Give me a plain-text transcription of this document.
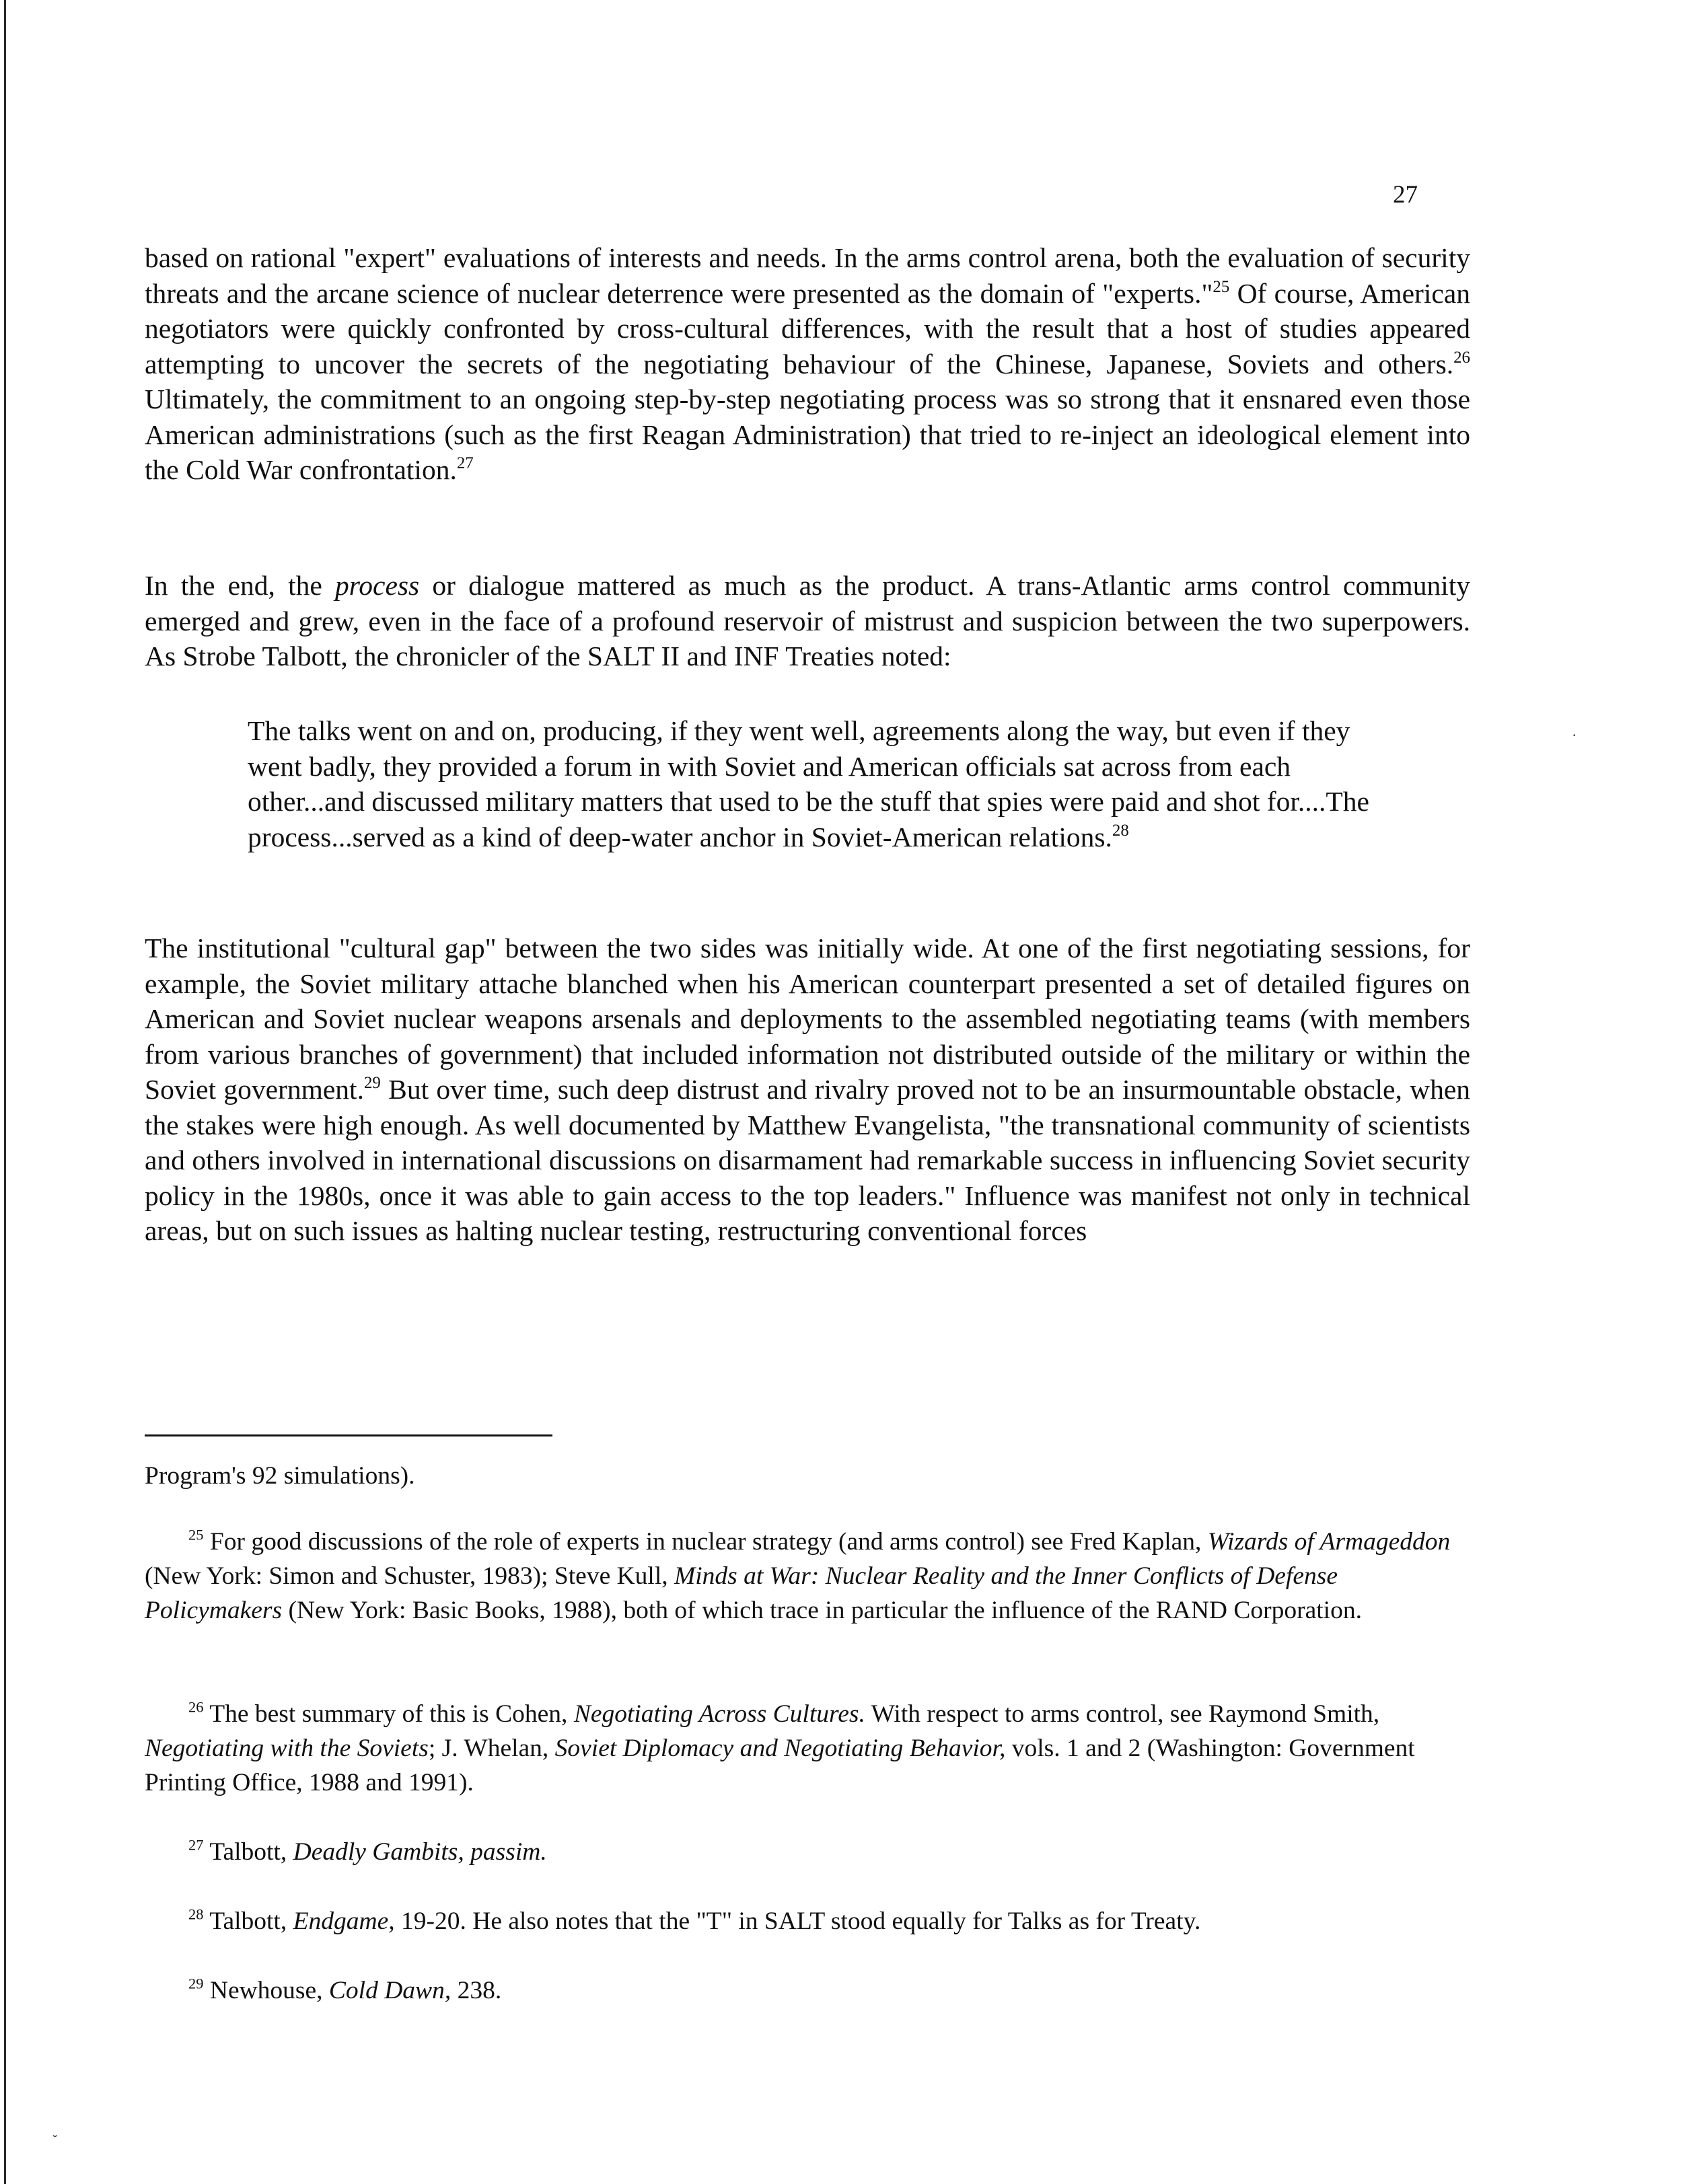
27

based on rational "expert" evaluations of interests and needs. In the arms control arena, both the evaluation of security threats and the arcane science of nuclear deterrence were presented as the domain of "experts."$^{25}$ Of course, American negotiators were quickly confronted by cross-cultural differences, with the result that a host of studies appeared attempting to uncover the secrets of the negotiating behaviour of the Chinese, Japanese, Soviets and others.$^{26}$ Ultimately, the commitment to an ongoing step-by-step negotiating process was so strong that it ensnared even those American administrations (such as the first Reagan Administration) that tried to re-inject an ideological element into the Cold War confrontation.$^{27}$

In the end, the process or dialogue mattered as much as the product. A trans-Atlantic arms control community emerged and grew, even in the face of a profound reservoir of mistrust and suspicion between the two superpowers. As Strobe Talbott, the chronicler of the SALT II and INF Treaties noted:

The talks went on and on, producing, if they went well, agreements along the way, but even if they went badly, they provided a forum in with Soviet and American officials sat across from each other...and discussed military matters that used to be the stuff that spies were paid and shot for....The process...served as a kind of deep-water anchor in Soviet-American relations.$^{28}$

The institutional "cultural gap" between the two sides was initially wide. At one of the first negotiating sessions, for example, the Soviet military attache blanched when his American counterpart presented a set of detailed figures on American and Soviet nuclear weapons arsenals and deployments to the assembled negotiating teams (with members from various branches of government) that included information not distributed outside of the military or within the Soviet government.$^{29}$ But over time, such deep distrust and rivalry proved not to be an insurmountable obstacle, when the stakes were high enough. As well documented by Matthew Evangelista, "the transnational community of scientists and others involved in international discussions on disarmament had remarkable success in influencing Soviet security policy in the 1980s, once it was able to gain access to the top leaders." Influence was manifest not only in technical areas, but on such issues as halting nuclear testing, restructuring conventional forces

Program's 92 simulations).

$^{25}$ For good discussions of the role of experts in nuclear strategy (and arms control) see Fred Kaplan, Wizards of Armageddon (New York: Simon and Schuster, 1983); Steve Kull, Minds at War: Nuclear Reality and the Inner Conflicts of Defense Policymakers (New York: Basic Books, 1988), both of which trace in particular the influence of the RAND Corporation.

$^{26}$ The best summary of this is Cohen, Negotiating Across Cultures. With respect to arms control, see Raymond Smith, Negotiating with the Soviets; J. Whelan, Soviet Diplomacy and Negotiating Behavior, vols. 1 and 2 (Washington: Government Printing Office, 1988 and 1991).

$^{27}$ Talbott, Deadly Gambits, passim.

$^{28}$ Talbott, Endgame, 19-20. He also notes that the "T" in SALT stood equally for Talks as for Treaty.

$^{29}$ Newhouse, Cold Dawn, 238.

·
˘
